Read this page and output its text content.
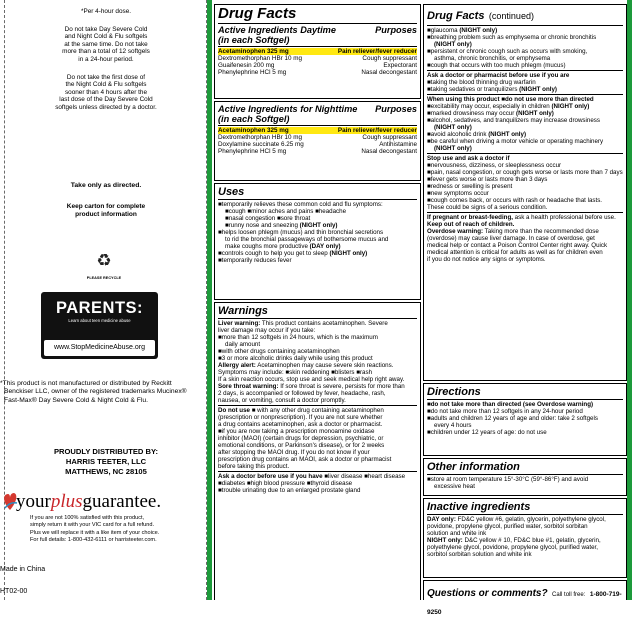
*Per 4-hour dose.
Do not take Day Severe Cold
and Night Cold & Flu softgels
at the same time. Do not take
more than a total of 12 softgels
in a 24-hour period.
Do not take the first dose of
the Night Cold & Flu softgels
sooner than 4 hours after the
last dose of the Day Severe Cold
softgels unless directed by a doctor.
Take only as directed.
Keep carton for complete
product information
♻
PLEASE RECYCLE
PARENTS:
Learn about teen medicine abuse
www.StopMedicineAbuse.org
*This product is not manufactured or distributed by Reckitt
Benckiser LLC, owner of the registered trademarks Mucinex®
Fast-Max® Day Severe Cold & Night Cold & Flu.
PROUDLY DISTRIBUTED BY:
HARRIS TEETER, LLC
MATTHEWS, NC 28105
yourplusguarantee.
If you are not 100% satisfied with this product,
simply return it with your VIC card for a full refund.
Plus we will replace it with a like item of your choice.
For full details: 1-800-432-6111 or harristeeter.com.
Made in China
HT02-00
Drug Facts
Active Ingredients Daytime	Purposes
(in each Softgel)
Acetaminophen 325 mg	Pain reliever/fever reducer
Dextromethorphan HBr 10 mg	Cough suppressant
Guaifenesin 200 mg	Expectorant
Phenylephrine HCl 5 mg	Nasal decongestant
Active Ingredients for Nighttime Purposes
(in each Softgel)
Acetaminophen 325 mg	Pain reliever/fever reducer
Dextromethorphan HBr 10 mg	Cough suppressant
Doxylamine succinate 6.25 mg	Antihistamine
Phenylephrine HCl 5 mg	Nasal decongestant
Uses

■ temporarily relieves these common cold and flu symptoms:

■ cough ■ minor aches and pains ■ headache

■ nasal congestion ■ sore throat

■ runny nose and sneezing (NIGHT only)

■ helps loosen phlegm (mucus) and thin bronchial secretions

to rid the bronchial passageways of bothersome mucus and

make coughs more productive (DAY only)

■ controls cough to help you get to sleep (NIGHT only)

■ temporarily reduces fever

Warnings

Liver warning: This product contains acetaminophen. Severe

liver damage may occur if you take:

■ more than 12 softgels in 24 hours, which is the maximum

daily amount

■ with other drugs containing acetaminophen

■ 3 or more alcoholic drinks daily while using this product

Allergy alert: Acetaminophen may cause severe skin reactions.

Symptoms may include: ■ skin reddening ■ blisters ■ rash

If a skin reaction occurs, stop use and seek medical help right away.

Sore throat warning: If sore throat is severe, persists for more than

2 days, is accompanied or followed by fever, headache, rash,

nausea, or vomiting, consult a doctor promptly.

Do not use ■ with any other drug containing acetaminophen

(prescription or nonprescription). If you are not sure whether

a drug contains acetaminophen, ask a doctor or pharmacist.

■ if you are now taking a prescription monoamine oxidase

inhibitor (MAOI) (certain drugs for depression, psychiatric, or

emotional conditions, or Parkinson's disease), or for 2 weeks

after stopping the MAOI drug. If you do not know if your

prescription drug contains an MAOI, ask a doctor or pharmacist

before taking this product.

Ask a doctor before use if you have ■ liver disease ■ heart disease

■ diabetes ■ high blood pressure ■ thyroid disease

■ trouble urinating due to an enlarged prostate gland

Drug Facts (continued)

■ glaucoma (NIGHT only)

■ breathing problem such as emphysema or chronic bronchitis

(NIGHT only)

■ persistent or chronic cough such as occurs with smoking,

asthma, chronic bronchitis, or emphysema

■ cough that occurs with too much phlegm (mucus)

Ask a doctor or pharmacist before use if you are

■ taking the blood thinning drug warfarin

■ taking sedatives or tranquilizers (NIGHT only)

When using this product ■ do not use more than directed

■ excitability may occur, especially in children (NIGHT only)

■ marked drowsiness may occur (NIGHT only)

■ alcohol, sedatives, and tranquilizers may increase drowsiness

(NIGHT only)

■ avoid alcoholic drink (NIGHT only)

■ be careful when driving a motor vehicle or operating machinery

(NIGHT only)

Stop use and ask a doctor if

■ nervousness, dizziness, or sleeplessness occur

■ pain, nasal congestion, or cough gets worse or lasts more than 7 days

■ fever gets worse or lasts more than 3 days

■ redness or swelling is present

■ new symptoms occur

■ cough comes back, or occurs with rash or headache that lasts.

These could be signs of a serious condition.

If pregnant or breast-feeding, ask a health professional before use.

Keep out of reach of children.

Overdose warning: Taking more than the recommended dose

(overdose) may cause liver damage. In case of overdose, get

medical help or contact a Poison Control Center right away. Quick

medical attention is critical for adults as well as for children even

if you do not notice any signs or symptoms.

Directions

■ do not take more than directed (see Overdose warning)

■ do not take more than 12 softgels in any 24-hour period

■ adults and children 12 years of age and older: take 2 softgels

every 4 hours

■ children under 12 years of age: do not use

Other information

■ store at room temperature 15°-30°C (59°-86°F) and avoid

excessive heat

Inactive ingredients

DAY only: FD&C yellow #6, gelatin, glycerin, polyethylene glycol,

povidone, propylene glycol, purified water, sorbitol sorbitan

solution and white ink

NIGHT only: D&C yellow # 10, FD&C blue #1, gelatin, glycerin,

polyethylene glycol, povidone, propylene glycol, purified water,

sorbitol sorbitan solution and white ink

Questions or comments? Call toll free: 1-800-719-9250
